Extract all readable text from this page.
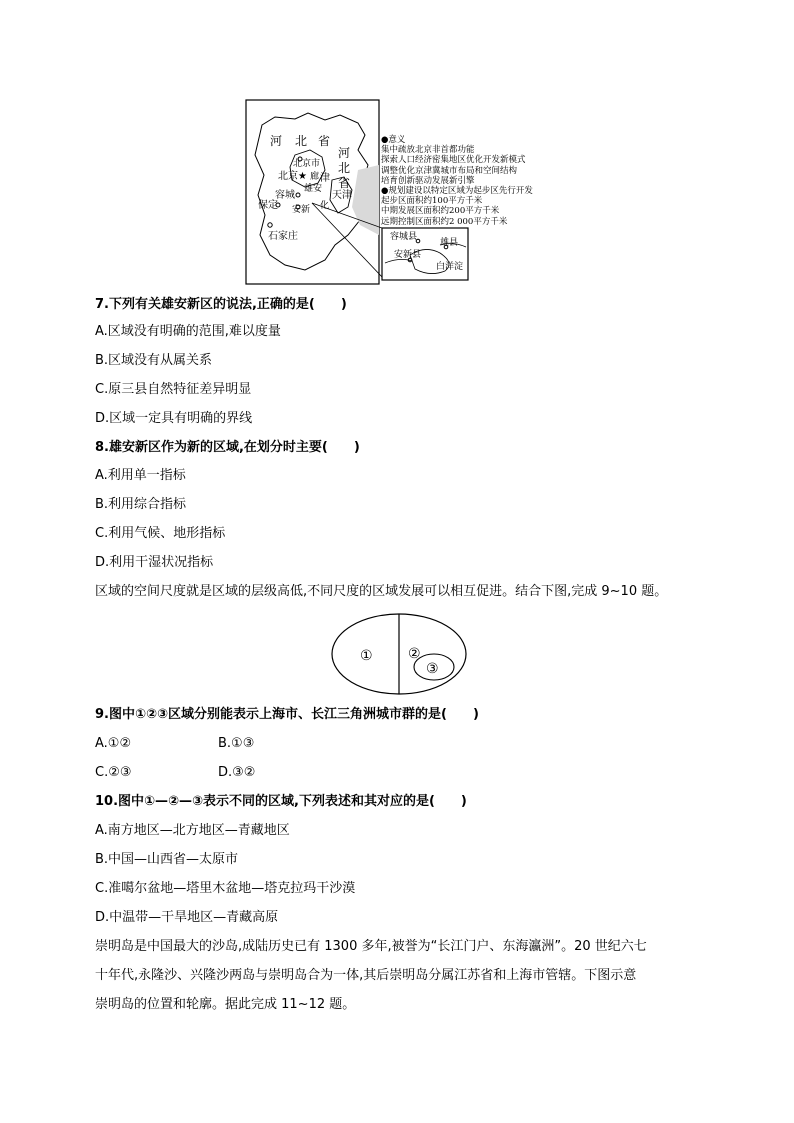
河 北 省
河
北
省
北京市
北京★ 津
天津
廊
雄安
容城
保定 安新 化
石家庄	容城县
雄县
安新县
白洋淀
●意义
集中疏放北京非首都功能
探索人口经济密集地区优化开发新模式
调整优化京津冀城市布局和空间结构
培育创新驱动发展新引擎
●规划建设以特定区域为起步区先行开发
起步区面积约100平方千米
中期发展区面积约200平方千米
远期控制区面积约2 000平方千米
7.下列有关雄安新区的说法,正确的是(　　)
A.区域没有明确的范围,难以度量
B.区域没有从属关系
C.原三县自然特征差异明显
D.区域一定具有明确的界线
8.雄安新区作为新的区域,在划分时主要(　　)
A.利用单一指标
B.利用综合指标
C.利用气候、地形指标
D.利用干湿状况指标
区域的空间尺度就是区域的层级高低,不同尺度的区域发展可以相互促进。结合下图,完成 9~10 题。
①	②
③
9.图中①②③区域分别能表示上海市、长江三角洲城市群的是(　　)
A.①②	B.①③
C.②③	D.③②
10.图中①—②—③表示不同的区域,下列表述和其对应的是(　　)
A.南方地区—北方地区—青藏地区
B.中国—山西省—太原市
C.准噶尔盆地—塔里木盆地—塔克拉玛干沙漠
D.中温带—干旱地区—青藏高原
崇明岛是中国最大的沙岛,成陆历史已有 1300 多年,被誉为“长江门户、东海瀛洲”。20 世纪六七
十年代,永隆沙、兴隆沙两岛与崇明岛合为一体,其后崇明岛分属江苏省和上海市管辖。下图示意
崇明岛的位置和轮廓。据此完成 11~12 题。
